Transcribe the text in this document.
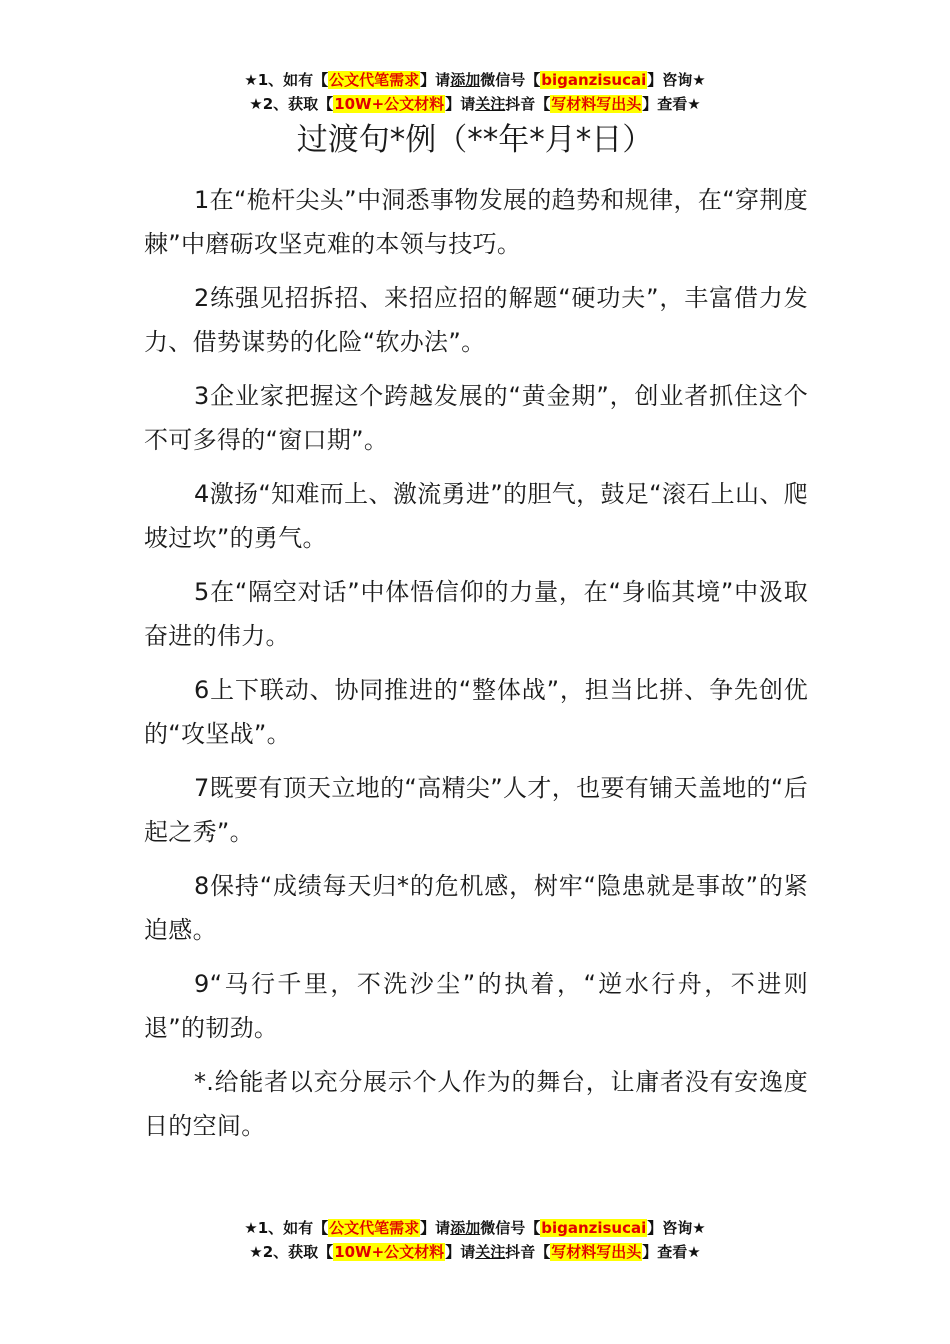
★1、如有【公文代笔需求】请添加微信号【biganzisucai】咨询★
★2、获取【10W+公文材料】请关注抖音【写材料写出头】查看★
过渡句*例（**年*月*日）

1在“桅杆尖头”中洞悉事物发展的趋势和规律，在“穿荆度棘”中磨砺攻坚克难的本领与技巧。

2练强见招拆招、来招应招的解题“硬功夫”，丰富借力发力、借势谋势的化险“软办法”。

3企业家把握这个跨越发展的“黄金期”，创业者抓住这个不可多得的“窗口期”。

4激扬“知难而上、激流勇进”的胆气，鼓足“滚石上山、爬坡过坎”的勇气。

5在“隔空对话”中体悟信仰的力量，在“身临其境”中汲取奋进的伟力。

6上下联动、协同推进的“整体战”，担当比拼、争先创优的“攻坚战”。

7既要有顶天立地的“高精尖”人才，也要有铺天盖地的“后起之秀”。

8保持“成绩每天归*的危机感，树牢“隐患就是事故”的紧迫感。

9“马行千里，不洗沙尘”的执着，“逆水行舟，不进则退”的韧劲。

*.给能者以充分展示个人作为的舞台，让庸者没有安逸度日的空间。

★1、如有【公文代笔需求】请添加微信号【biganzisucai】咨询★
★2、获取【10W+公文材料】请关注抖音【写材料写出头】查看★
